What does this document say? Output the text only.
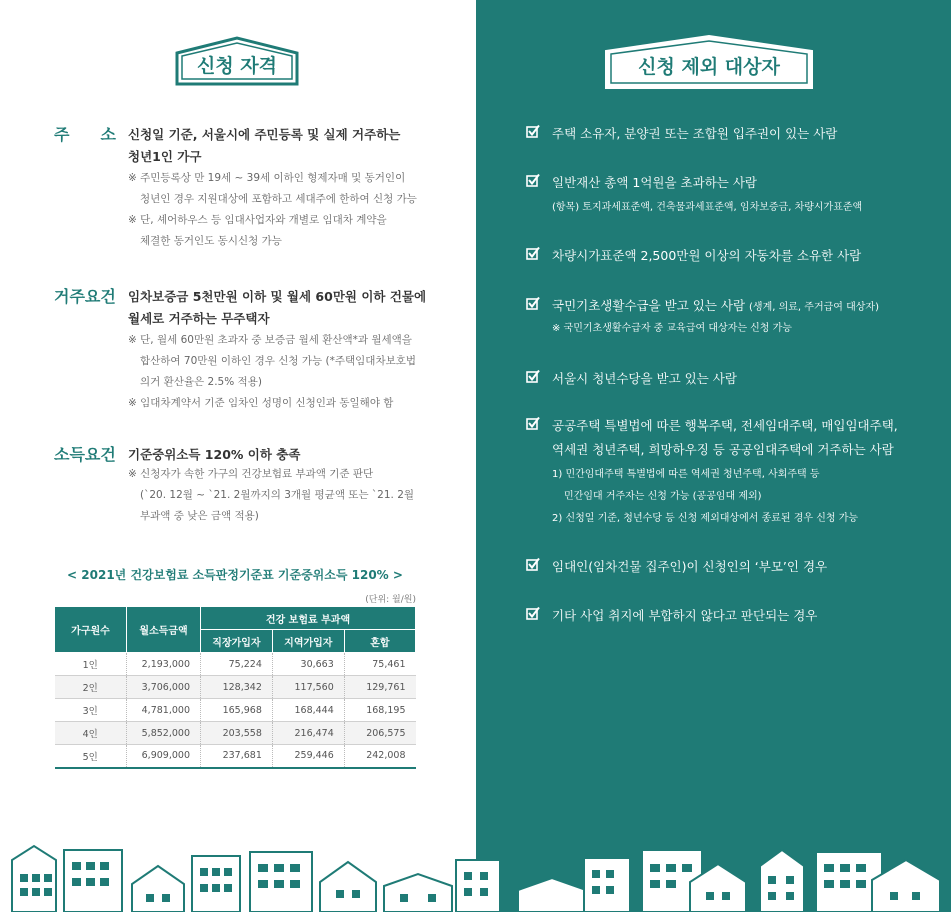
신청 자격
주 소 신청일 기준, 서울시에 주민등록 및 실제 거주하는
청년1인 가구
※ 주민등록상 만 19세 ~ 39세 이하인 형제자매 및 동거인이
청년인 경우 지원대상에 포함하고 세대주에 한하여 신청 가능
※ 단, 셰어하우스 등 임대사업자와 개별로 임대차 계약을
체결한 동거인도 동시신청 가능
거주요건 임차보증금 5천만원 이하 및 월세 60만원 이하 건물에
월세로 거주하는 무주택자
※ 단, 월세 60만원 초과자 중 보증금 월세 환산액*과 월세액을
합산하여 70만원 이하인 경우 신청 가능 (*주택임대차보호법
의거 환산율은 2.5% 적용)
※ 임대차계약서 기준 임차인 성명이 신청인과 동일해야 함
소득요건 기준중위소득 120% 이하 충족
※ 신청자가 속한 가구의 건강보험료 부과액 기준 판단
(`20. 12월 ~ `21. 2월까지의 3개월 평균액 또는 `21. 2월
부과액 중 낮은 금액 적용)
< 2021년 건강보험료 소득판정기준표 기준중위소득 120% >
(단위: 월/원)
가구원수	월소득금액	건강 보험료 부과액		
		직장가입자	지역가입자	혼합
1인	2,193,000	75,224	30,663	75,461
2인	3,706,000	128,342	117,560	129,761
3인	4,781,000	165,968	168,444	168,195
4인	5,852,000	203,558	216,474	206,575
5인	6,909,000	237,681	259,446	242,008
신청 제외 대상자
주택 소유자, 분양권 또는 조합원 입주권이 있는 사람
일반재산 총액 1억원을 초과하는 사람
(항목) 토지과세표준액, 건축물과세표준액, 임차보증금, 차량시가표준액
차량시가표준액 2,500만원 이상의 자동차를 소유한 사람
국민기초생활수급을 받고 있는 사람 (생계, 의료, 주거급여 대상자)
※ 국민기초생활수급자 중 교육급여 대상자는 신청 가능
서울시 청년수당을 받고 있는 사람
공공주택 특별법에 따른 행복주택, 전세임대주택, 매입임대주택,
역세권 청년주택, 희망하우징 등 공공임대주택에 거주하는 사람
1) 민간임대주택 특별법에 따른 역세권 청년주택, 사회주택 등
민간임대 거주자는 신청 가능 (공공임대 제외)
2) 신청일 기준, 청년수당 등 신청 제외대상에서 종료된 경우 신청 가능
임대인(임차건물 집주인)이 신청인의 ‘부모’인 경우
기타 사업 취지에 부합하지 않다고 판단되는 경우
